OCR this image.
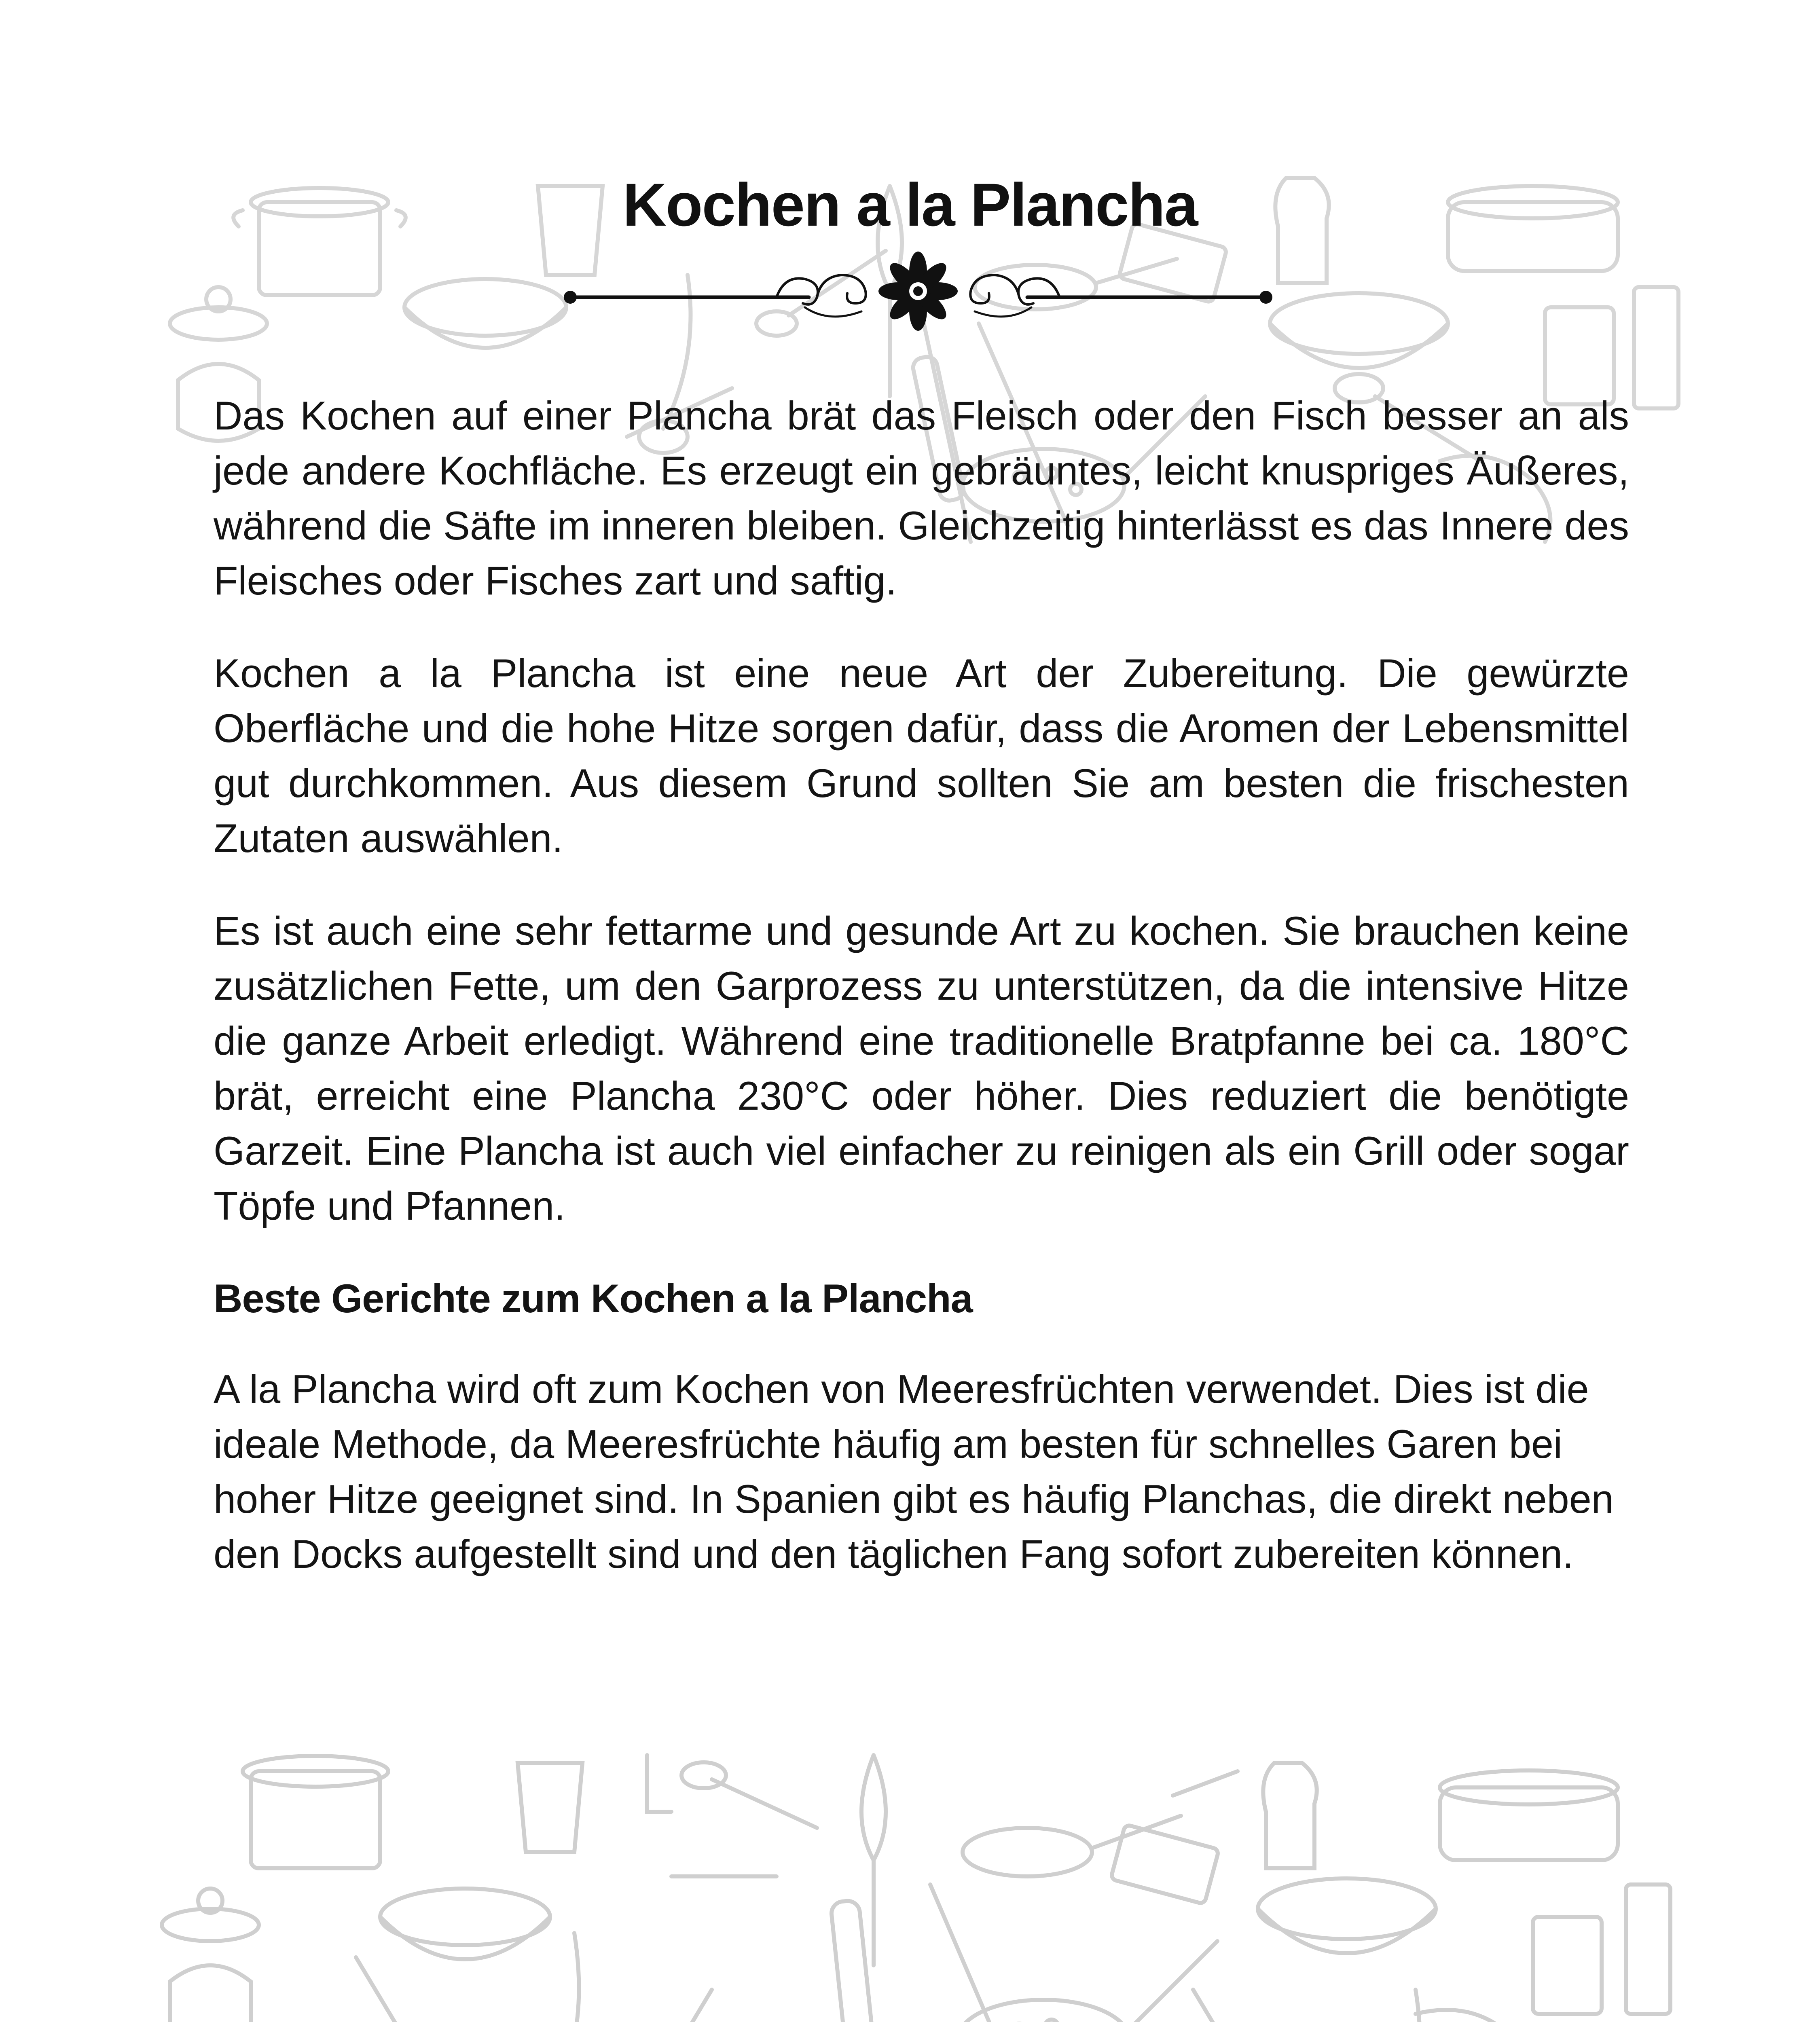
Kochen a la Plancha

Das Kochen auf einer Plancha brät das Fleisch oder den Fisch besser an als jede andere Kochfläche. Es erzeugt ein gebräuntes, leicht knuspriges Äußeres, während die Säfte im inneren bleiben. Gleichzeitig hinterlässt es das Innere des Fleisches oder Fisches zart und saftig.

Kochen a la Plancha ist eine neue Art der Zubereitung. Die gewürzte Oberfläche und die hohe Hitze sorgen dafür, dass die Aromen der Lebensmittel gut durchkommen. Aus diesem Grund sollten Sie am besten die frischesten Zutaten auswählen.

Es ist auch eine sehr fettarme und gesunde Art zu kochen. Sie brauchen keine zusätzlichen Fette, um den Garprozess zu unterstützen, da die intensive Hitze die ganze Arbeit erledigt. Während eine traditionelle Bratpfanne bei ca. 180°C brät, erreicht eine Plancha 230°C oder höher. Dies reduziert die benötigte Garzeit. Eine Plancha ist auch viel einfacher zu reinigen als ein Grill oder sogar Töpfe und Pfannen.

Beste Gerichte zum Kochen a la Plancha

A la Plancha wird oft zum Kochen von Meeresfrüchten verwendet. Dies ist die ideale Methode, da Meeresfrüchte häufig am besten für schnelles Garen bei hoher Hitze geeignet sind. In Spanien gibt es häufig Planchas, die direkt neben den Docks aufgestellt sind und den täglichen Fang sofort zubereiten können.
